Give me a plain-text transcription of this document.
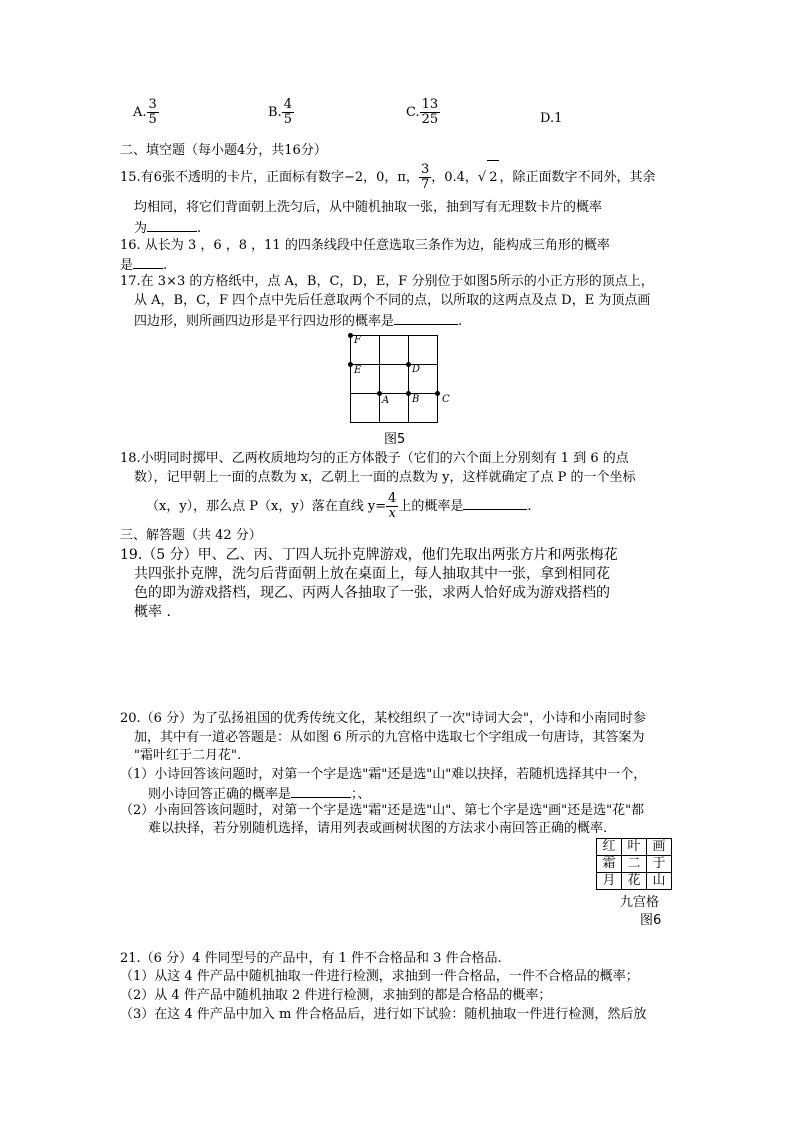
A. $\frac{3}{5}$	B. $\frac{4}{5}$	C. $\frac{13}{25}$	D.1
二、填空题（每小题4分，共16分）
15.有6张不透明的卡片，正面标有数字−2，0，π， $\frac{3}{7}$ ，0.4，√ 2 ，除正面数字不同外，其余
均相同，将它们背面朝上洗匀后，从中随机抽取一张，抽到写有无理数卡片的概率
为	.
16. 从长为 3 ，6 ，8 ，11 的四条线段中任意选取三条作为边，能构成三角形的概率
是 .
17.在 3×3 的方格纸中，点 A，B，C，D，E，F 分别位于如图5所示的小正方形的顶点上，
从 A，B，C，F 四个点中先后任意取两个不同的点，以所取的这两点及点 D，E 为顶点画
四边形，则所画四边形是平行四边形的概率是	.
F
E	D
A B C
图5
18.小明同时掷甲、乙两枚质地均匀的正方体骰子（它们的六个面上分别刻有 1 到 6 的点
数），记甲朝上一面的点数为 x，乙朝上一面的点数为 y，这样就确定了点 P 的一个坐标
（x，y），那么点 P（x，y）落在直线 $y= \frac{4}{x}$ 上的概率是	.
三、解答题（共 42 分）
19.（5 分）甲、乙、丙、丁四人玩扑克牌游戏，他们先取出两张方片和两张梅花
共四张扑克牌，洗匀后背面朝上放在桌面上，每人抽取其中一张，拿到相同花
色的即为游戏搭档，现乙、丙两人各抽取了一张，求两人恰好成为游戏搭档的
概率 .
20.（6 分）为了弘扬祖国的优秀传统文化，某校组织了一次"诗词大会"，小诗和小南同时参
加，其中有一道必答题是：从如图 6 所示的九宫格中选取七个字组成一句唐诗，其答案为
"霜叶红于二月花".
（1）小诗回答该问题时，对第一个字是选"霜"还是选"山"难以抉择，若随机选择其中一个，
则小诗回答正确的概率是	；、
（2）小南回答该问题时，对第一个字是选"霜"还是选"山"、第七个字是选"画"还是选"花"都
难以抉择，若分别随机选择，请用列表或画树状图的方法求小南回答正确的概率.
红	叶	画
霜	二	于
月	花	山
九宫格
图6
21.（6 分）4 件同型号的产品中，有 1 件不合格品和 3 件合格品.
（1）从这 4 件产品中随机抽取一件进行检测，求抽到一件合格品，一件不合格品的概率；
（2）从 4 件产品中随机抽取 2 件进行检测，求抽到的都是合格品的概率；
（3）在这 4 件产品中加入 m 件合格品后，进行如下试验：随机抽取一件进行检测，然后放
